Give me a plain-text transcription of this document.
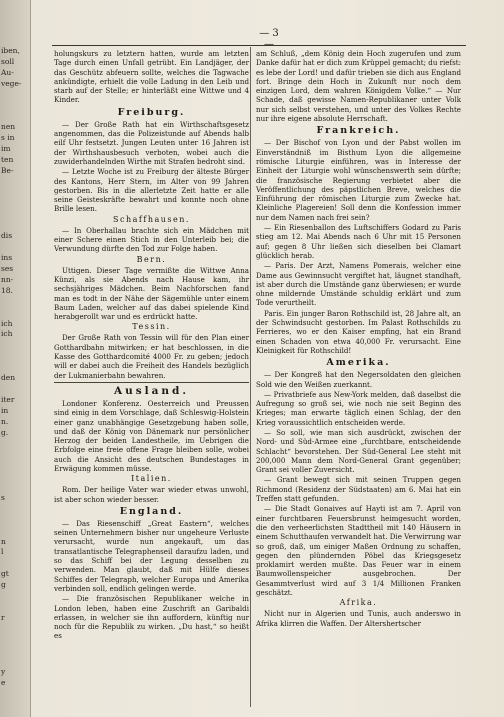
iben,
soll
Au-
vege-
nen
s in
im
ten
Be-
dis
ins
ses
nn-
18.
ich
ich
den
iter
in
n.
g.
s
n
l
gt
g
r
y
e
— 3 —

holungskurs zu letztern hatten, wurde am letzten Tage durch einen Unfall getrübt. Ein Landjäger, der das Geschütz abfeuern sollte, welches die Tagwache ankündigte, erhielt die volle Ladung in den Leib und starb auf der Stelle; er hinterläßt eine Wittwe und 4 Kinder.

Freiburg.

— Der Große Rath hat ein Wirthschaftsgesetz angenommen, das die Polizeistunde auf Abends halb eilf Uhr festsetzt. Jungen Leuten unter 16 Jahren ist der Wirthshausbesuch verboten, wobei auch die zuwiderhandelnden Wirthe mit Strafen bedroht sind.

— Letzte Woche ist zu Freiburg der älteste Bürger des Kantons, Herr Stern, im Alter von 99 Jahren gestorben. Bis in die allerletzte Zeit hatte er alle seine Geisteskräfte bewahrt und konnte noch ohne Brille lesen.

Schaffhausen.

— In Oberhallau brachte sich ein Mädchen mit einer Schere einen Stich in den Unterleib bei; die Verwundung dürfte den Tod zur Folge haben.

Bern.

Uttigen. Dieser Tage vermißte die Wittwe Anna Künzi, als sie Abends nach Hause kam, ihr sechsjähriges Mädchen. Beim Nachforschen fand man es todt in der Nähe der Sägemühle unter einem Baum Laden, welcher auf das dabei spielende Kind herabgerollt war und es erdrückt hatte.

Tessin.

Der Große Rath von Tessin will für den Plan einer Gotthardbahn mitwirken; er hat beschlossen, in die Kasse des Gotthardcomité 4000 Fr. zu geben; jedoch will er dabei auch die Freiheit des Handels bezüglich der Lukmanierbahn bewahren.

Ausland.

Londoner Konferenz. Oesterreich und Preussen sind einig in dem Vorschlage, daß Schleswig-Holstein einer ganz unabhängige Gesetzgebung haben solle, und daß der König von Dänemark nur persönlicher Herzog der beiden Landestheile, im Uebrigen die Erbfolge eine freie offene Frage bleiben solle, wobei auch die Ansicht des deutschen Bundestages in Erwägung kommen müsse.

Italien.

Rom. Der heilige Vater war wieder etwas unwohl, ist aber schon wieder besser.

England.

— Das Riesenschiff „Great Eastern“, welches seinen Unternehmern bisher nur ungeheure Verluste verursacht, wurde nun angekauft, um das transatlantische Telegraphenseil daraufzu laden, und so das Schiff bei der Legung desselben zu verwenden. Man glaubt, daß mit Hülfe dieses Schiffes der Telegraph, welcher Europa und Amerika verbinden soll, endlich gelingen werde.

— Die französischen Republikaner welche in London leben, haben eine Zuschrift an Garibaldi erlassen, in welcher sie ihn auffordern, künftig nur noch für die Republik zu wirken. „Du hast,“ so heißt es

am Schluß, „dem König dein Hoch zugerufen und zum Danke dafür hat er dich zum Krüppel gemacht; du riefst: es lebe der Lord! und dafür trieben sie dich aus England fort. Bringe dein Hoch in Zukunft nur noch dem einzigen Lord, dem wahren Königdem Volke.“ — Nur Schade, daß gewisse Namen-Republikaner unter Volk nur sich selbst verstehen, und unter des Volkes Rechte nur ihre eigene absolute Herrschaft.

Frankreich.

— Der Bischof von Lyon und der Pabst wollen im Einverständniß im Bisthum Lyon die allgemeine römische Liturgie einführen, was in Interesse der Einheit der Liturgie wohl wünschenswerth sein dürfte; die französische Regierung verbietet aber die Veröffentlichung des päpstlichen Breve, welches die Einführung der römischen Liturgie zum Zwecke hat. Kleinliche Plagereien! Soll denn die Konfession immer nur dem Namen nach frei sein?

— Ein Riesenballon des Luftschiffers Godard zu Paris stieg am 12. Mai Abends nach 6 Uhr mit 15 Personen auf; gegen 8 Uhr ließen sich dieselben bei Clamart glücklich herab.

— Paris. Der Arzt, Namens Pomerais, welcher eine Dame aus Gewinnsucht vergiftet hat, läugnet standhaft, ist aber durch die Umstände ganz überwiesen; er wurde ohne mildernde Umstände schuldig erklärt und zum Tode verurtheilt.

Paris. Ein junger Baron Rothschild ist, 28 Jahre alt, an der Schwindsucht gestorben. Im Palast Rothschilds zu Ferrieres, wo er den Kaiser empfing, hat ein Brand einen Schaden von etwa 40,000 Fr. verursacht. Eine Kleinigkeit für Rothschild!

Amerika.

— Der Kongreß hat den Negersoldaten den gleichen Sold wie den Weißen zuerkannt.

— Privatbriefe aus New-York melden, daß daselbst die Aufregung so groß sei, wie noch nie seit Beginn des Krieges; man erwarte täglich einen Schlag, der den Krieg voraussichtlich entscheiden werde.

— So soll, wie man sich ausdrückt, zwischen der Nord- und Süd-Armee eine „furchtbare, entscheidende Schlacht“ bevorstehen. Der Süd-General Lee steht mit 200,000 Mann dem Nord-General Grant gegenüber; Grant sei voller Zuversicht.

— Grant bewegt sich mit seinen Truppen gegen Richmond (Residenz der Südstaaten) am 6. Mai hat ein Treffen statt gefunden.

— Die Stadt Gonaives auf Hayti ist am 7. April von einer furchtbaren Feuersbrunst heimgesucht worden, die den verheerlichsten Stadttheil mit 140 Häusern in einem Schutthaufen verwandelt hat. Die Verwirrung war so groß, daß, um einiger Maßen Ordnung zu schaffen, gegen den plündernden Pöbel das Kriegsgesetz proklamirt werden mußte. Das Feuer war in einem Baumwollenspeicher ausgebrochen. Der Gesammtverlust wird auf 3 1/4 Millionen Franken geschätzt.

Afrika.

Nicht nur in Algerien und Tunis, auch anderswo in Afrika klirren die Waffen. Der Altershertscher
